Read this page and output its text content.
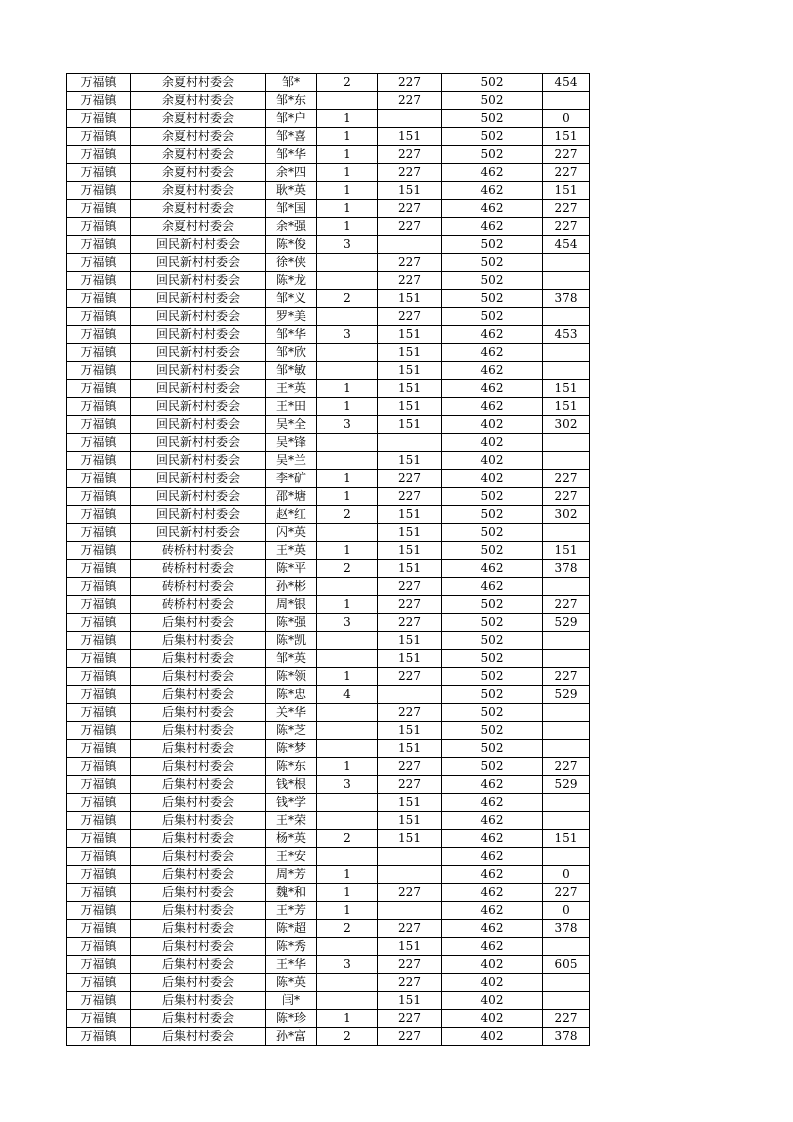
万福镇	余夏村村委会	邹*	2	227	502	454
万福镇	余夏村村委会	邹*东		227	502	
万福镇	余夏村村委会	邹*户	1		502	0
万福镇	余夏村村委会	邹*喜	1	151	502	151
万福镇	余夏村村委会	邹*华	1	227	502	227
万福镇	余夏村村委会	余*四	1	227	462	227
万福镇	余夏村村委会	耿*英	1	151	462	151
万福镇	余夏村村委会	邹*国	1	227	462	227
万福镇	余夏村村委会	余*强	1	227	462	227
万福镇	回民新村村委会	陈*俊	3		502	454
万福镇	回民新村村委会	徐*侠		227	502	
万福镇	回民新村村委会	陈*龙		227	502	
万福镇	回民新村村委会	邹*义	2	151	502	378
万福镇	回民新村村委会	罗*美		227	502	
万福镇	回民新村村委会	邹*华	3	151	462	453
万福镇	回民新村村委会	邹*欣		151	462	
万福镇	回民新村村委会	邹*敏		151	462	
万福镇	回民新村村委会	王*英	1	151	462	151
万福镇	回民新村村委会	王*田	1	151	462	151
万福镇	回民新村村委会	吴*全	3	151	402	302
万福镇	回民新村村委会	吴*锋			402	
万福镇	回民新村村委会	吴*兰		151	402	
万福镇	回民新村村委会	李*矿	1	227	402	227
万福镇	回民新村村委会	邵*塘	1	227	502	227
万福镇	回民新村村委会	赵*红	2	151	502	302
万福镇	回民新村村委会	闪*英		151	502	
万福镇	砖桥村村委会	王*英	1	151	502	151
万福镇	砖桥村村委会	陈*平	2	151	462	378
万福镇	砖桥村村委会	孙*彬		227	462	
万福镇	砖桥村村委会	周*银	1	227	502	227
万福镇	后集村村委会	陈*强	3	227	502	529
万福镇	后集村村委会	陈*凯		151	502	
万福镇	后集村村委会	邹*英		151	502	
万福镇	后集村村委会	陈*领	1	227	502	227
万福镇	后集村村委会	陈*忠	4		502	529
万福镇	后集村村委会	关*华		227	502	
万福镇	后集村村委会	陈*芝		151	502	
万福镇	后集村村委会	陈*梦		151	502	
万福镇	后集村村委会	陈*东	1	227	502	227
万福镇	后集村村委会	钱*根	3	227	462	529
万福镇	后集村村委会	钱*学		151	462	
万福镇	后集村村委会	王*荣		151	462	
万福镇	后集村村委会	杨*英	2	151	462	151
万福镇	后集村村委会	王*安			462	
万福镇	后集村村委会	周*芳	1		462	0
万福镇	后集村村委会	魏*和	1	227	462	227
万福镇	后集村村委会	王*芳	1		462	0
万福镇	后集村村委会	陈*超	2	227	462	378
万福镇	后集村村委会	陈*秀		151	462	
万福镇	后集村村委会	王*华	3	227	402	605
万福镇	后集村村委会	陈*英		227	402	
万福镇	后集村村委会	闫*		151	402	
万福镇	后集村村委会	陈*珍	1	227	402	227
万福镇	后集村村委会	孙*富	2	227	402	378
